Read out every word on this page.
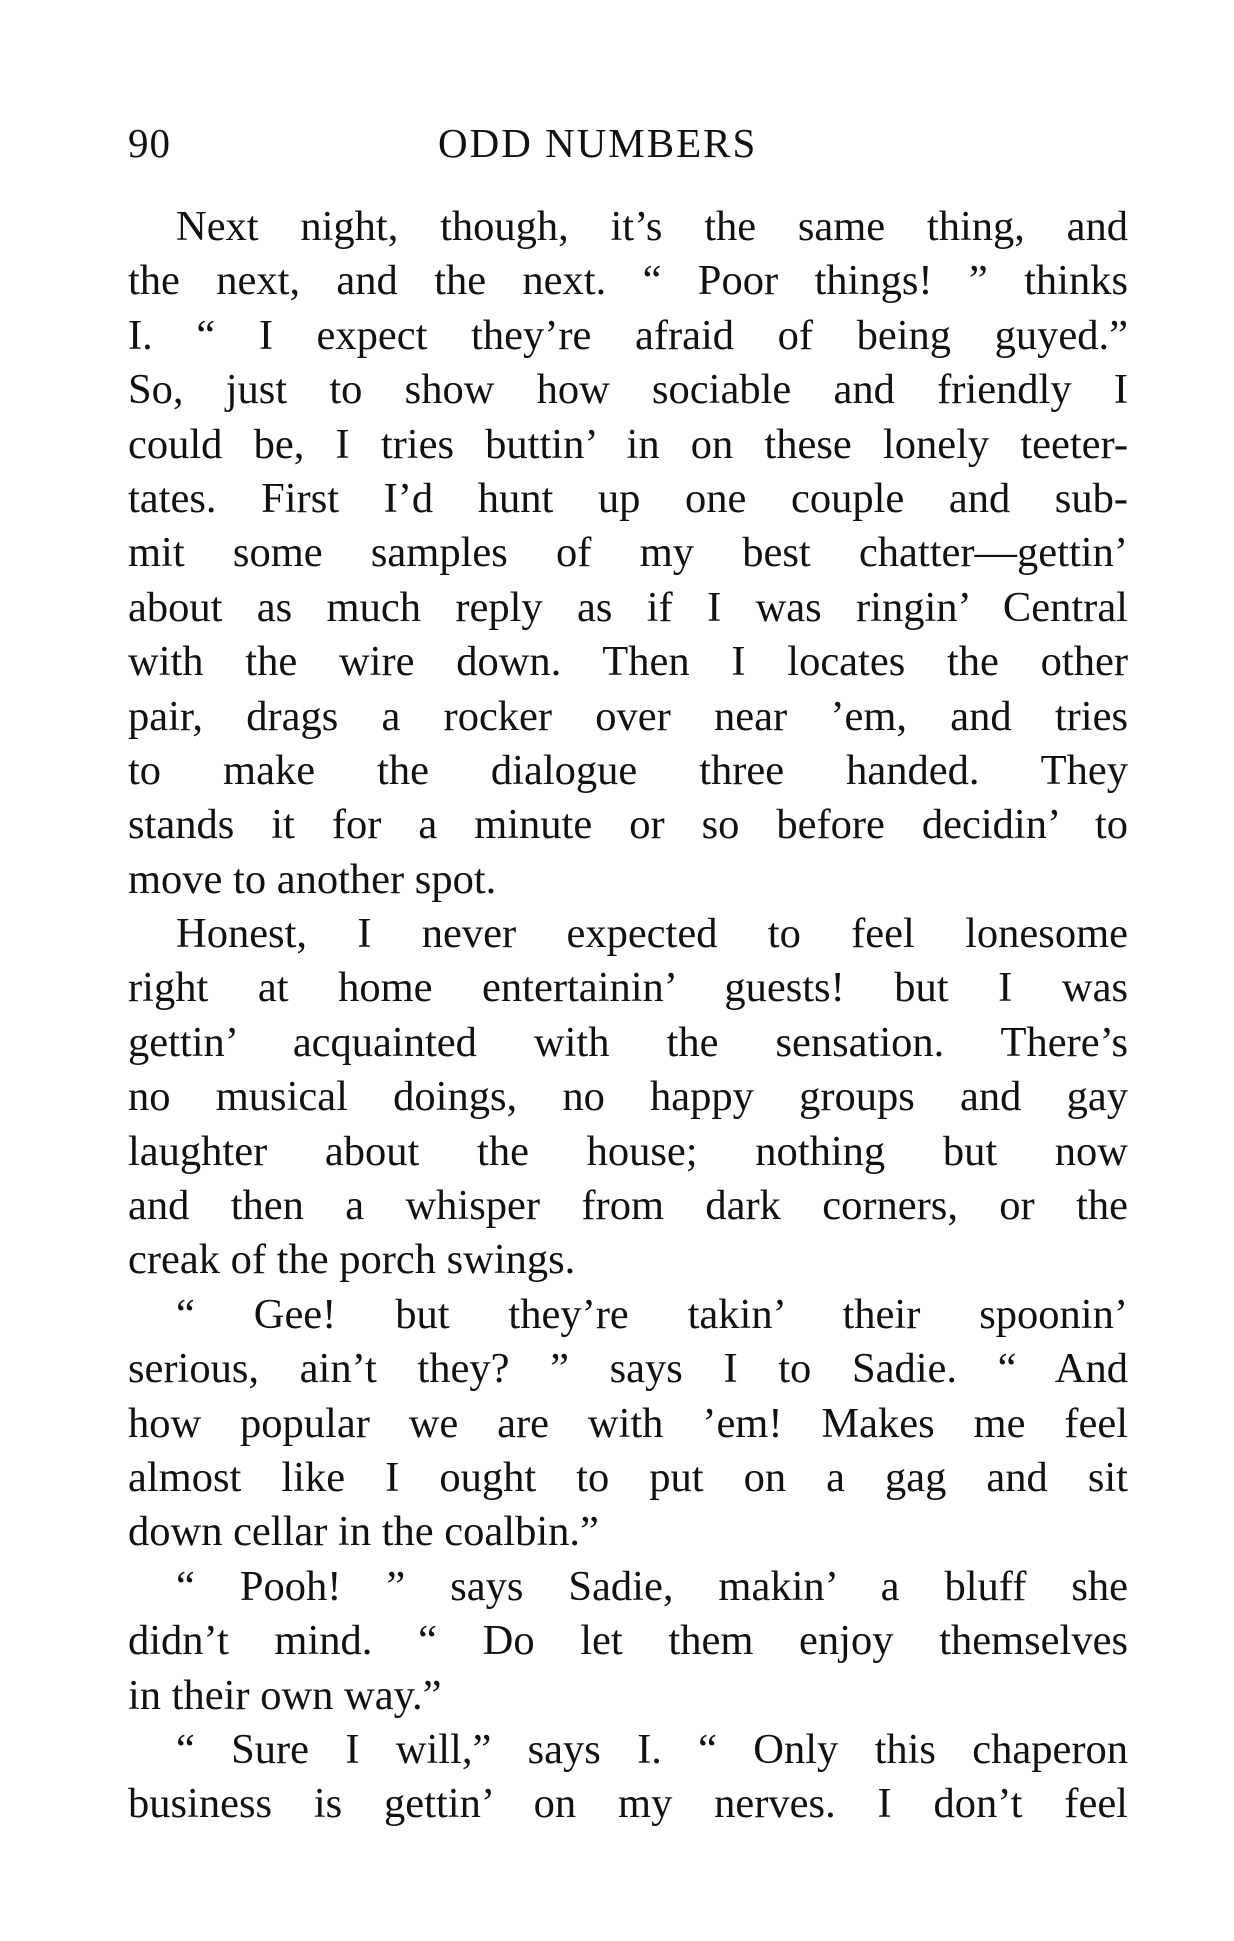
90	ODD NUMBERS
Next night, though, it’s the same thing, and
the next, and the next. “ Poor things! ” thinks
I. “ I expect they’re afraid of being guyed.”
So, just to show how sociable and friendly I
could be, I tries buttin’ in on these lonely teeter-
tates. First I’d hunt up one couple and sub-
mit some samples of my best chatter—gettin’
about as much reply as if I was ringin’ Central
with the wire down. Then I locates the other
pair, drags a rocker over near ’em, and tries
to make the dialogue three handed. They
stands it for a minute or so before decidin’ to
move to another spot.
Honest, I never expected to feel lonesome
right at home entertainin’ guests! but I was
gettin’ acquainted with the sensation. There’s
no musical doings, no happy groups and gay
laughter about the house; nothing but now
and then a whisper from dark corners, or the
creak of the porch swings.
“ Gee! but they’re takin’ their spoonin’
serious, ain’t they? ” says I to Sadie. “ And
how popular we are with ’em! Makes me feel
almost like I ought to put on a gag and sit
down cellar in the coalbin.”
“ Pooh! ” says Sadie, makin’ a bluff she
didn’t mind. “ Do let them enjoy themselves
in their own way.”
“ Sure I will,” says I. “ Only this chaperon
business is gettin’ on my nerves. I don’t feel
